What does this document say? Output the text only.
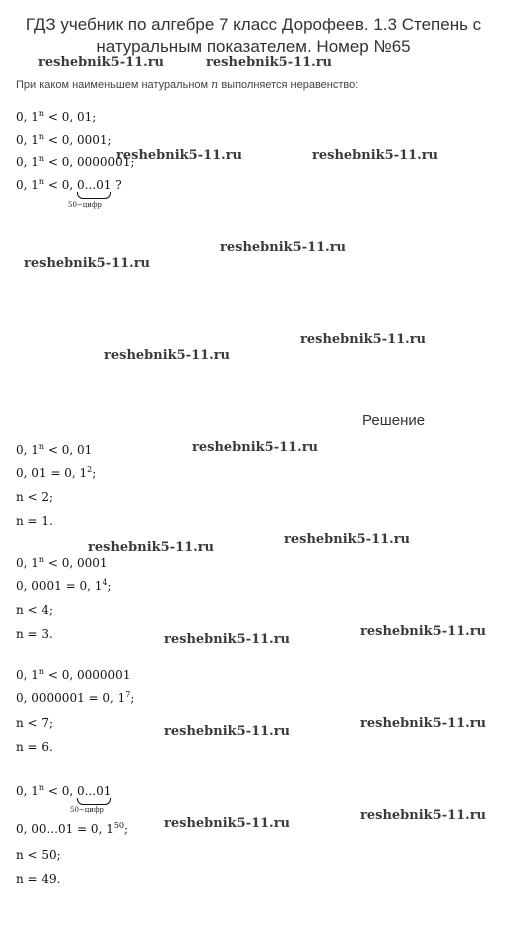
ГДЗ учебник по алгебре 7 класс Дорофеев. 1.3 Степень с натуральным показателем. Номер №65
При каком наименьшем натуральном n выполняется неравенство:
0, $1^n < 0$, 01;
0, $1^n < 0$, 0001;
0, $1^n < 0$, 0000001;
0, $1^n < 0$, 0...01
?
50−цифр
Решение
0, $1^n < 0$, 01
0, 01 = 0, $1^2$;
n < 2;
n = 1.
0, $1^n < 0$, 0001
0, 0001 = 0, $1^4$;
n < 4;
n = 3.
0, $1^n < 0$, 0000001
0, 0000001 = 0, $1^7$;
n < 7;
n = 6.
0, $1^n < 0$, 0...01
50−цифр
0, 00...01 = 0, $1^{50}$;
n < 50;
n = 49.
reshebnik5-11.ru	reshebnik5-11.ru
reshebnik5-11.ru	reshebnik5-11.ru
reshebnik5-11.ru
reshebnik5-11.ru
reshebnik5-11.ru
reshebnik5-11.ru
reshebnik5-11.ru
reshebnik5-11.ru
reshebnik5-11.ru
reshebnik5-11.ru
reshebnik5-11.ru
reshebnik5-11.ru
reshebnik5-11.ru
reshebnik5-11.ru
reshebnik5-11.ru
